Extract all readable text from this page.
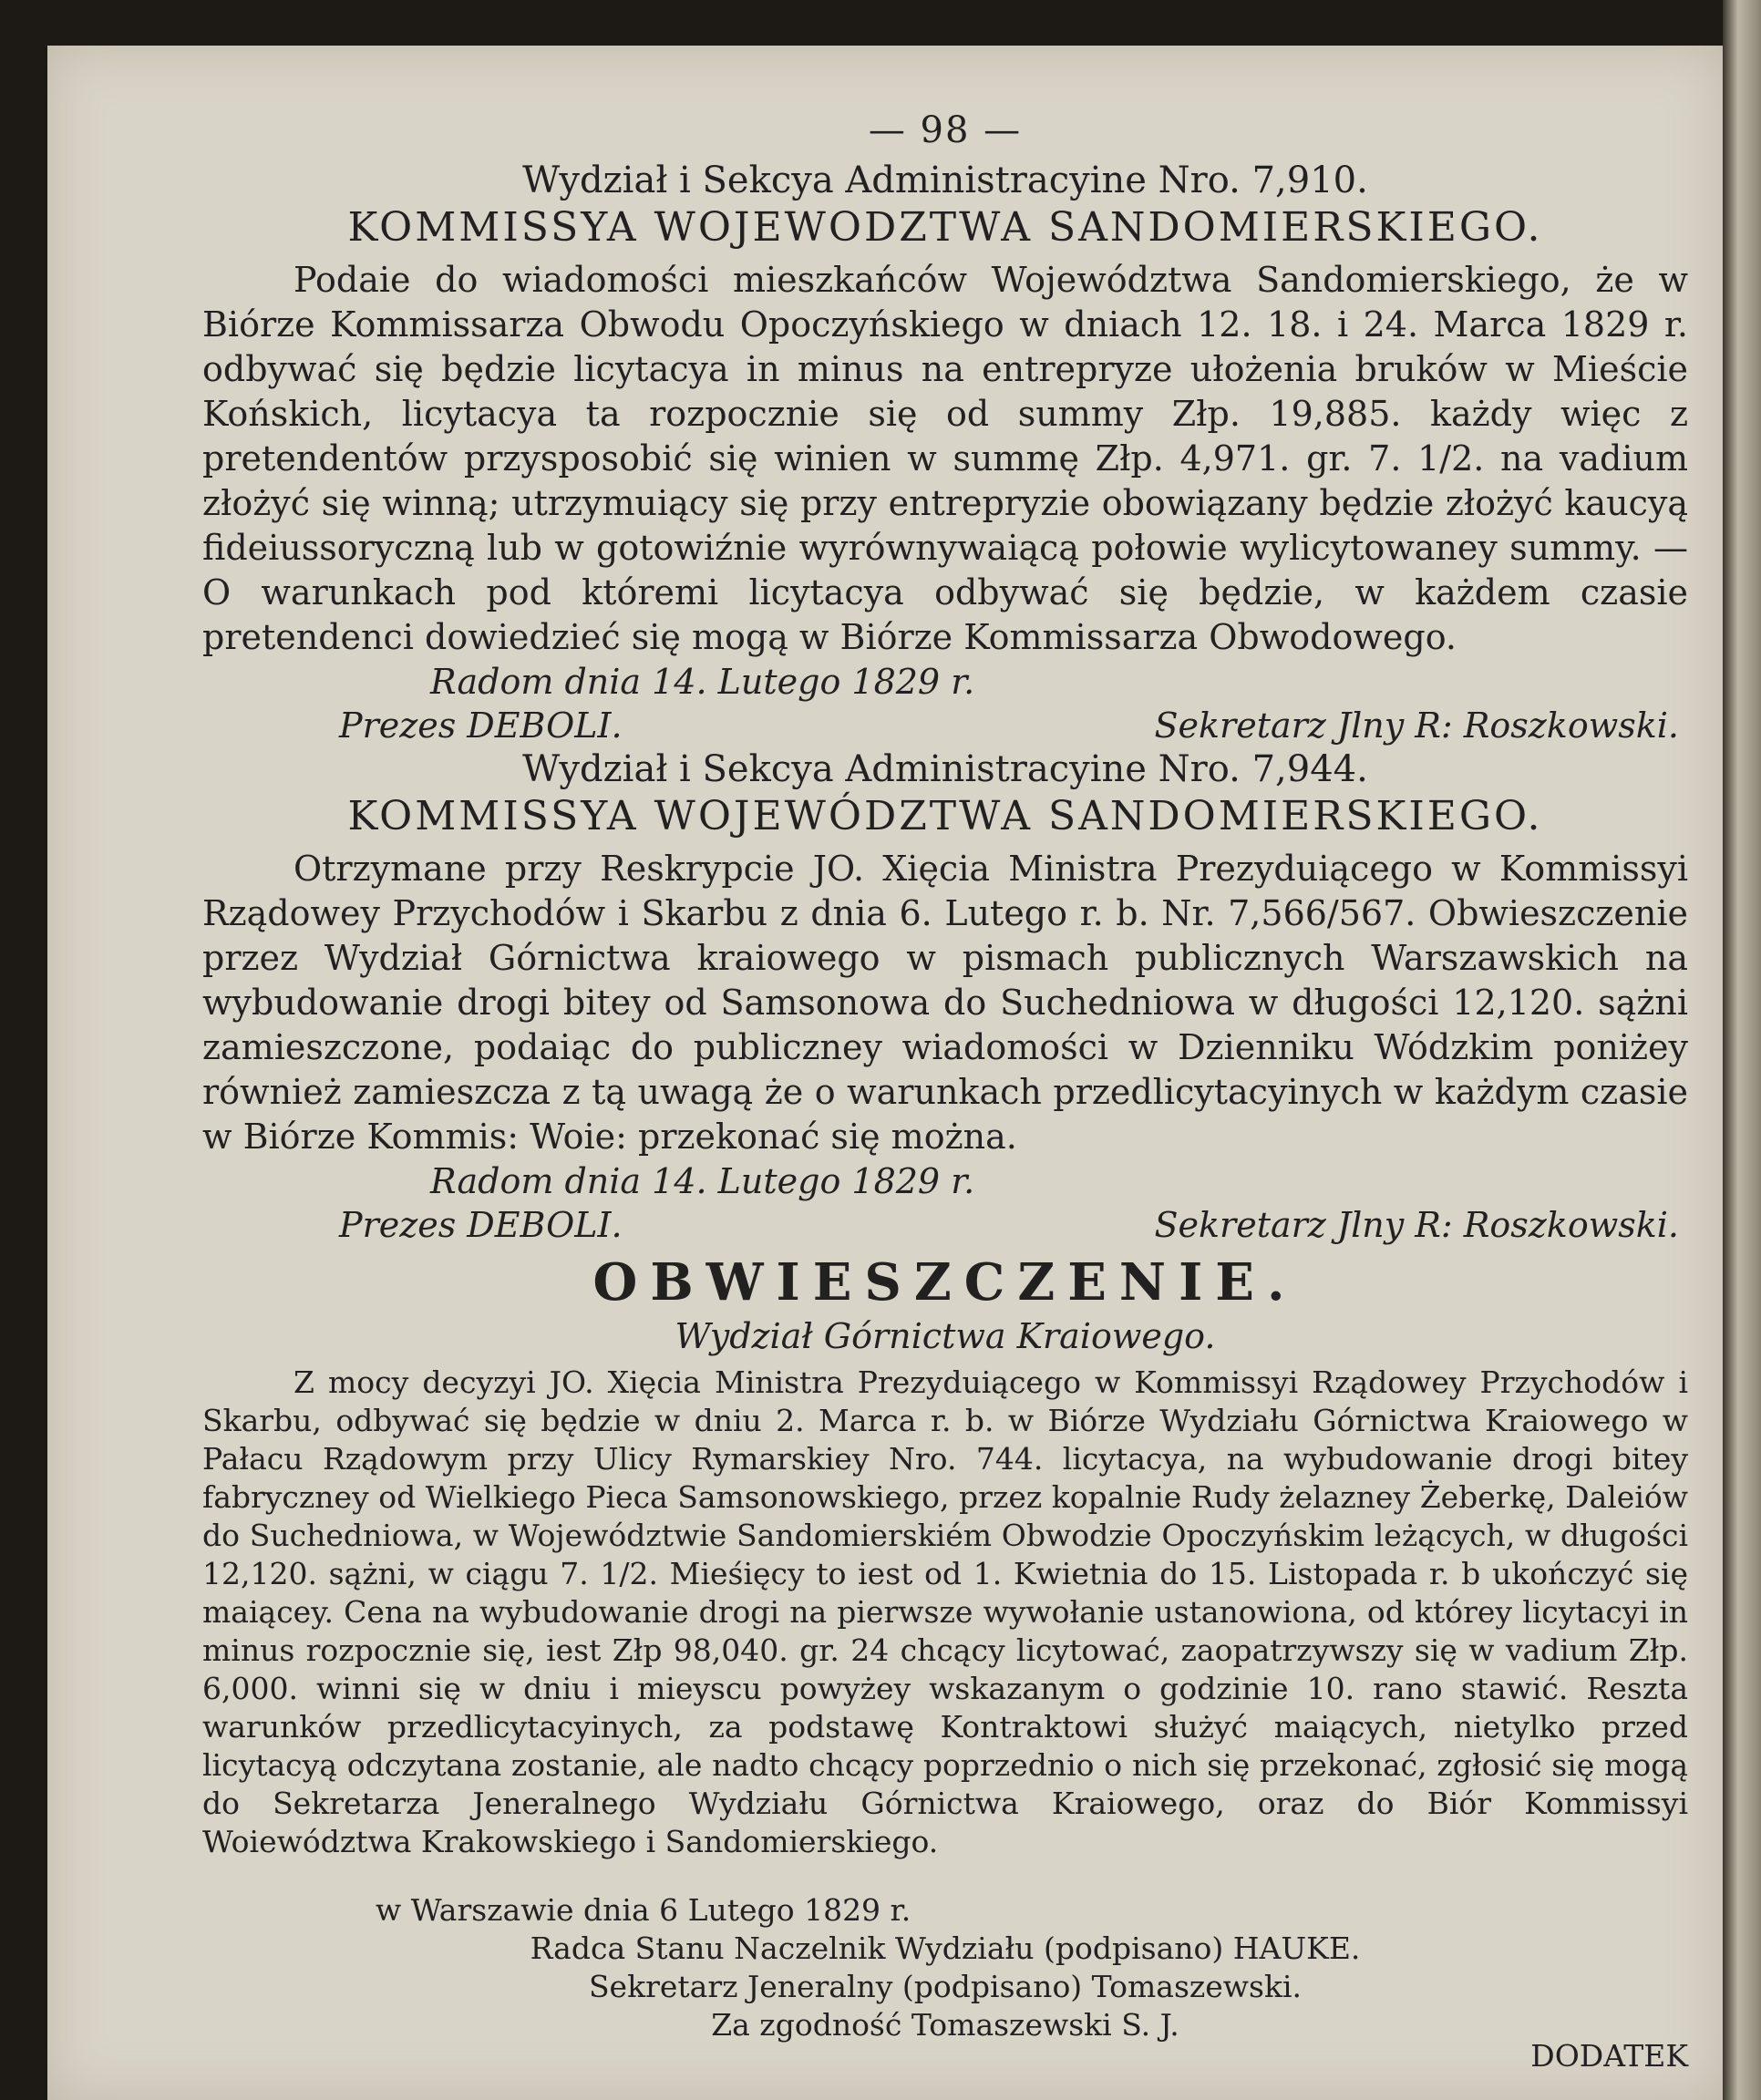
— 98 —
Wydział i Sekcya Administracyine Nro. 7,910.
KOMMISSYA WOJEWODZTWA SANDOMIERSKIEGO.

Podaie do wiadomości mieszkańców Województwa Sandomierskiego, że w Biórze Kommissarza Obwodu Opoczyńskiego w dniach 12. 18. i 24. Marca 1829 r. odbywać się będzie licytacya in minus na entrepryze ułożenia bruków w Mieście Końskich, licytacya ta rozpocznie się od summy Złp. 19,885. każdy więc z pretendentów przysposobić się winien w summę Złp. 4,971. gr. 7. 1/2. na vadium złożyć się winną; utrzymuiący się przy entrepryzie obowiązany będzie złożyć kaucyą fideiussoryczną lub w gotowiźnie wyrównywaiącą połowie wylicytowaney summy. — O warunkach pod któremi licytacya odbywać się będzie, w każdem czasie pretendenci dowiedzieć się mogą w Biórze Kommissarza Obwodowego.

Radom dnia 14. Lutego 1829 r.
Prezes DEBOLI.	Sekretarz Jlny R: Roszkowski.
Wydział i Sekcya Administracyine Nro. 7,944.
KOMMISSYA WOJEWÓDZTWA SANDOMIERSKIEGO.

Otrzymane przy Reskrypcie JO. Xięcia Ministra Prezyduiącego w Kommissyi Rządowey Przychodów i Skarbu z dnia 6. Lutego r. b. Nr. 7,566/567. Obwieszczenie przez Wydział Górnictwa kraiowego w pismach publicznych Warszawskich na wybudowanie drogi bitey od Samsonowa do Suchedniowa w długości 12,120. sążni zamieszczone, podaiąc do publiczney wiadomości w Dzienniku Wódzkim poniżey również zamieszcza z tą uwagą że o warunkach przedlicytacyinych w każdym czasie w Biórze Kommis: Woie: przekonać się można.

Radom dnia 14. Lutego 1829 r.
Prezes DEBOLI.	Sekretarz Jlny R: Roszkowski.
OBWIESZCZENIE.
Wydział Górnictwa Kraiowego.

Z mocy decyzyi JO. Xięcia Ministra Prezyduiącego w Kommissyi Rządowey Przychodów i Skarbu, odbywać się będzie w dniu 2. Marca r. b. w Biórze Wydziału Górnictwa Kraiowego w Pałacu Rządowym przy Ulicy Rymarskiey Nro. 744. licytacya, na wybudowanie drogi bitey fabryczney od Wielkiego Pieca Samsonowskiego, przez kopalnie Rudy żelazney Żeberkę, Daleiów do Suchedniowa, w Województwie Sandomierskiém Obwodzie Opoczyńskim leżących, w długości 12,120. sążni, w ciągu 7. 1/2. Mieśięcy to iest od 1. Kwietnia do 15. Listopada r. b ukończyć się maiącey. Cena na wybudowanie drogi na pierwsze wywołanie ustanowiona, od którey licytacyi in minus rozpocznie się, iest Złp 98,040. gr. 24 chcący licytować, zaopatrzywszy się w vadium Złp. 6,000. winni się w dniu i mieyscu powyżey wskazanym o godzinie 10. rano stawić. Reszta warunków przedlicytacyinych, za podstawę Kontraktowi służyć maiących, nietylko przed licytacyą odczytana zostanie, ale nadto chcący poprzednio o nich się przekonać, zgłosić się mogą do Sekretarza Jeneralnego Wydziału Górnictwa Kraiowego, oraz do Biór Kommissyi Woiewództwa Krakowskiego i Sandomierskiego.

w Warszawie dnia 6 Lutego 1829 r.
Radca Stanu Naczelnik Wydziału (podpisano) HAUKE.
Sekretarz Jeneralny (podpisano) Tomaszewski.
Za zgodność Tomaszewski S. J.
DODATEK
